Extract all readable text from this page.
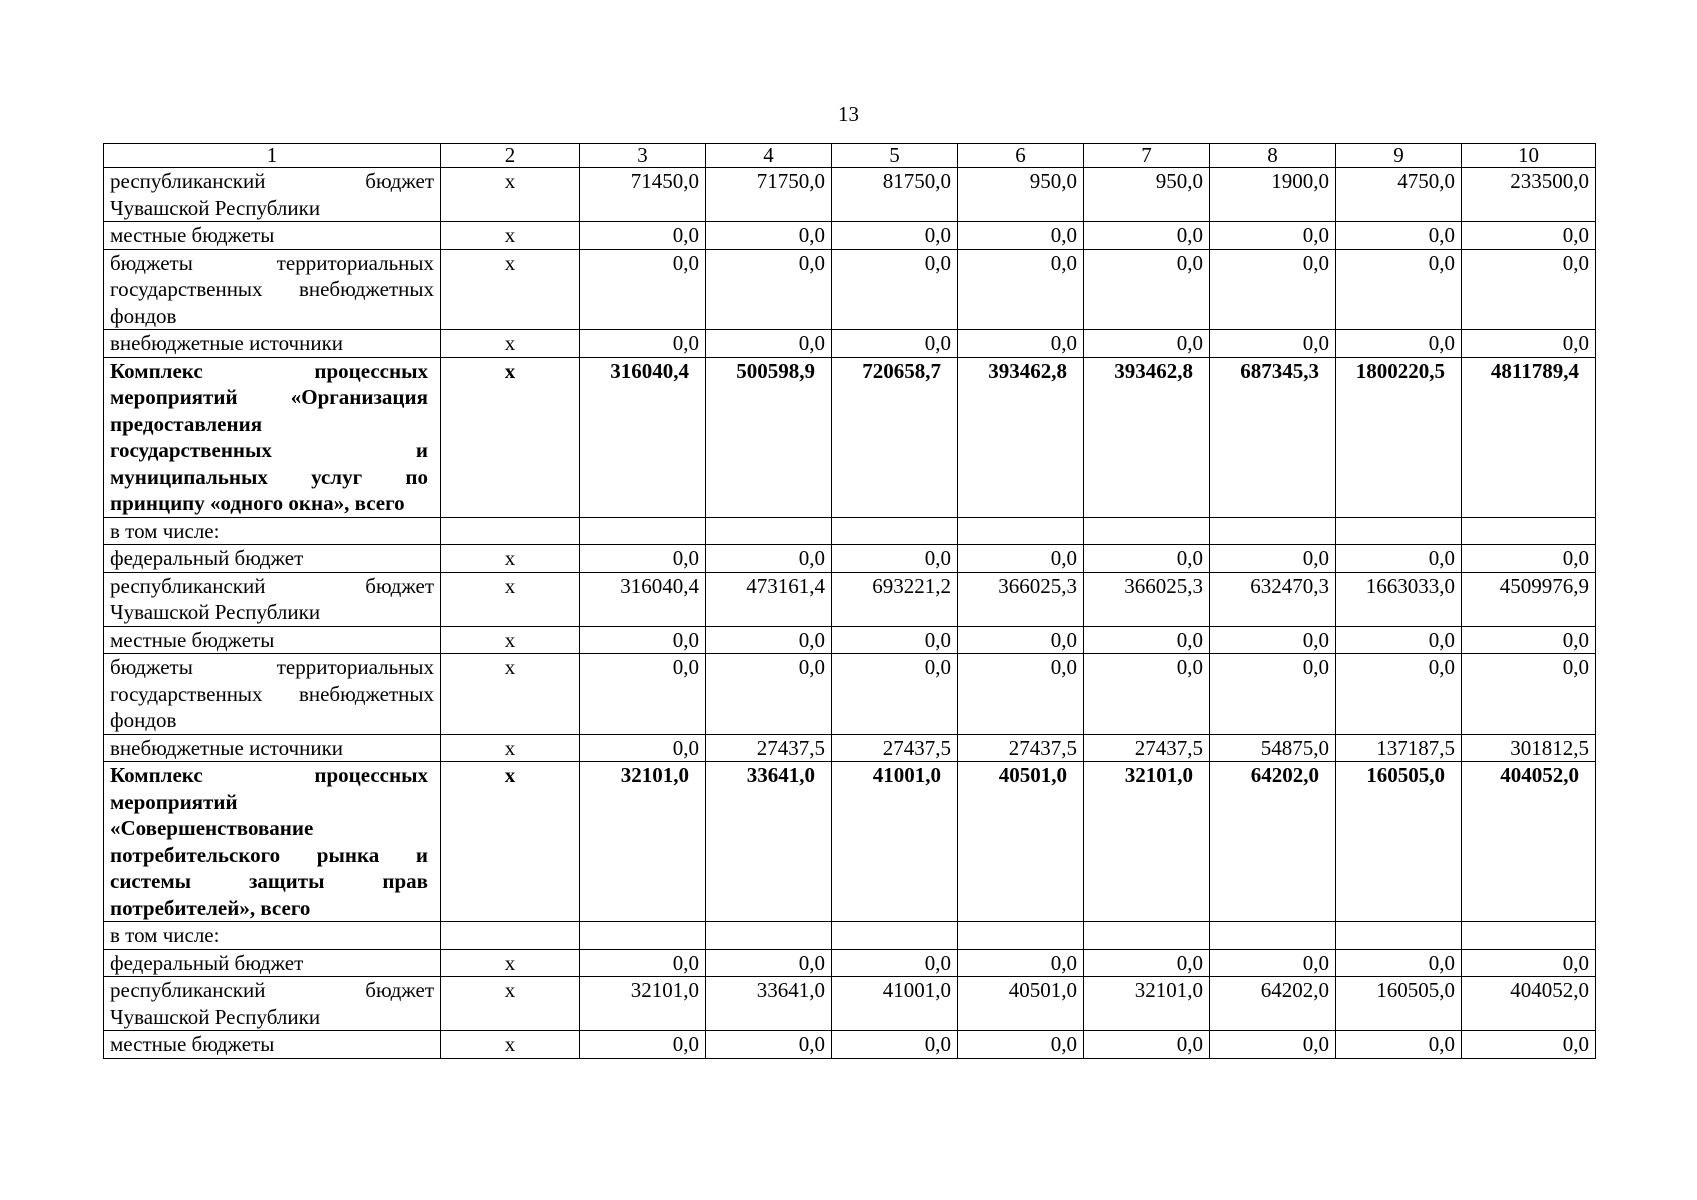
13
1	2	3	4	5	6	7	8	9	10
республиканский бюджет Чувашской Республики	х	71450,0	71750,0	81750,0	950,0	950,0	1900,0	4750,0	233500,0
местные бюджеты	х	0,0	0,0	0,0	0,0	0,0	0,0	0,0	0,0
бюджеты территориальных государственных внебюджетных фондов	х	0,0	0,0	0,0	0,0	0,0	0,0	0,0	0,0
внебюджетные источники	х	0,0	0,0	0,0	0,0	0,0	0,0	0,0	0,0
Комплекс процессных мероприятий «Организация предоставления государственных и муниципальных услуг по принципу «одного окна», всего	х	316040,4	500598,9	720658,7	393462,8	393462,8	687345,3	1800220,5	4811789,4
в том числе:									
федеральный бюджет	х	0,0	0,0	0,0	0,0	0,0	0,0	0,0	0,0
республиканский бюджет Чувашской Республики	х	316040,4	473161,4	693221,2	366025,3	366025,3	632470,3	1663033,0	4509976,9
местные бюджеты	х	0,0	0,0	0,0	0,0	0,0	0,0	0,0	0,0
бюджеты территориальных государственных внебюджетных фондов	х	0,0	0,0	0,0	0,0	0,0	0,0	0,0	0,0
внебюджетные источники	х	0,0	27437,5	27437,5	27437,5	27437,5	54875,0	137187,5	301812,5
Комплекс процессных мероприятий «Совершенствование потребительского рынка и системы защиты прав потребителей», всего	х	32101,0	33641,0	41001,0	40501,0	32101,0	64202,0	160505,0	404052,0
в том числе:									
федеральный бюджет	х	0,0	0,0	0,0	0,0	0,0	0,0	0,0	0,0
республиканский бюджет Чувашской Республики	х	32101,0	33641,0	41001,0	40501,0	32101,0	64202,0	160505,0	404052,0
местные бюджеты	х	0,0	0,0	0,0	0,0	0,0	0,0	0,0	0,0
